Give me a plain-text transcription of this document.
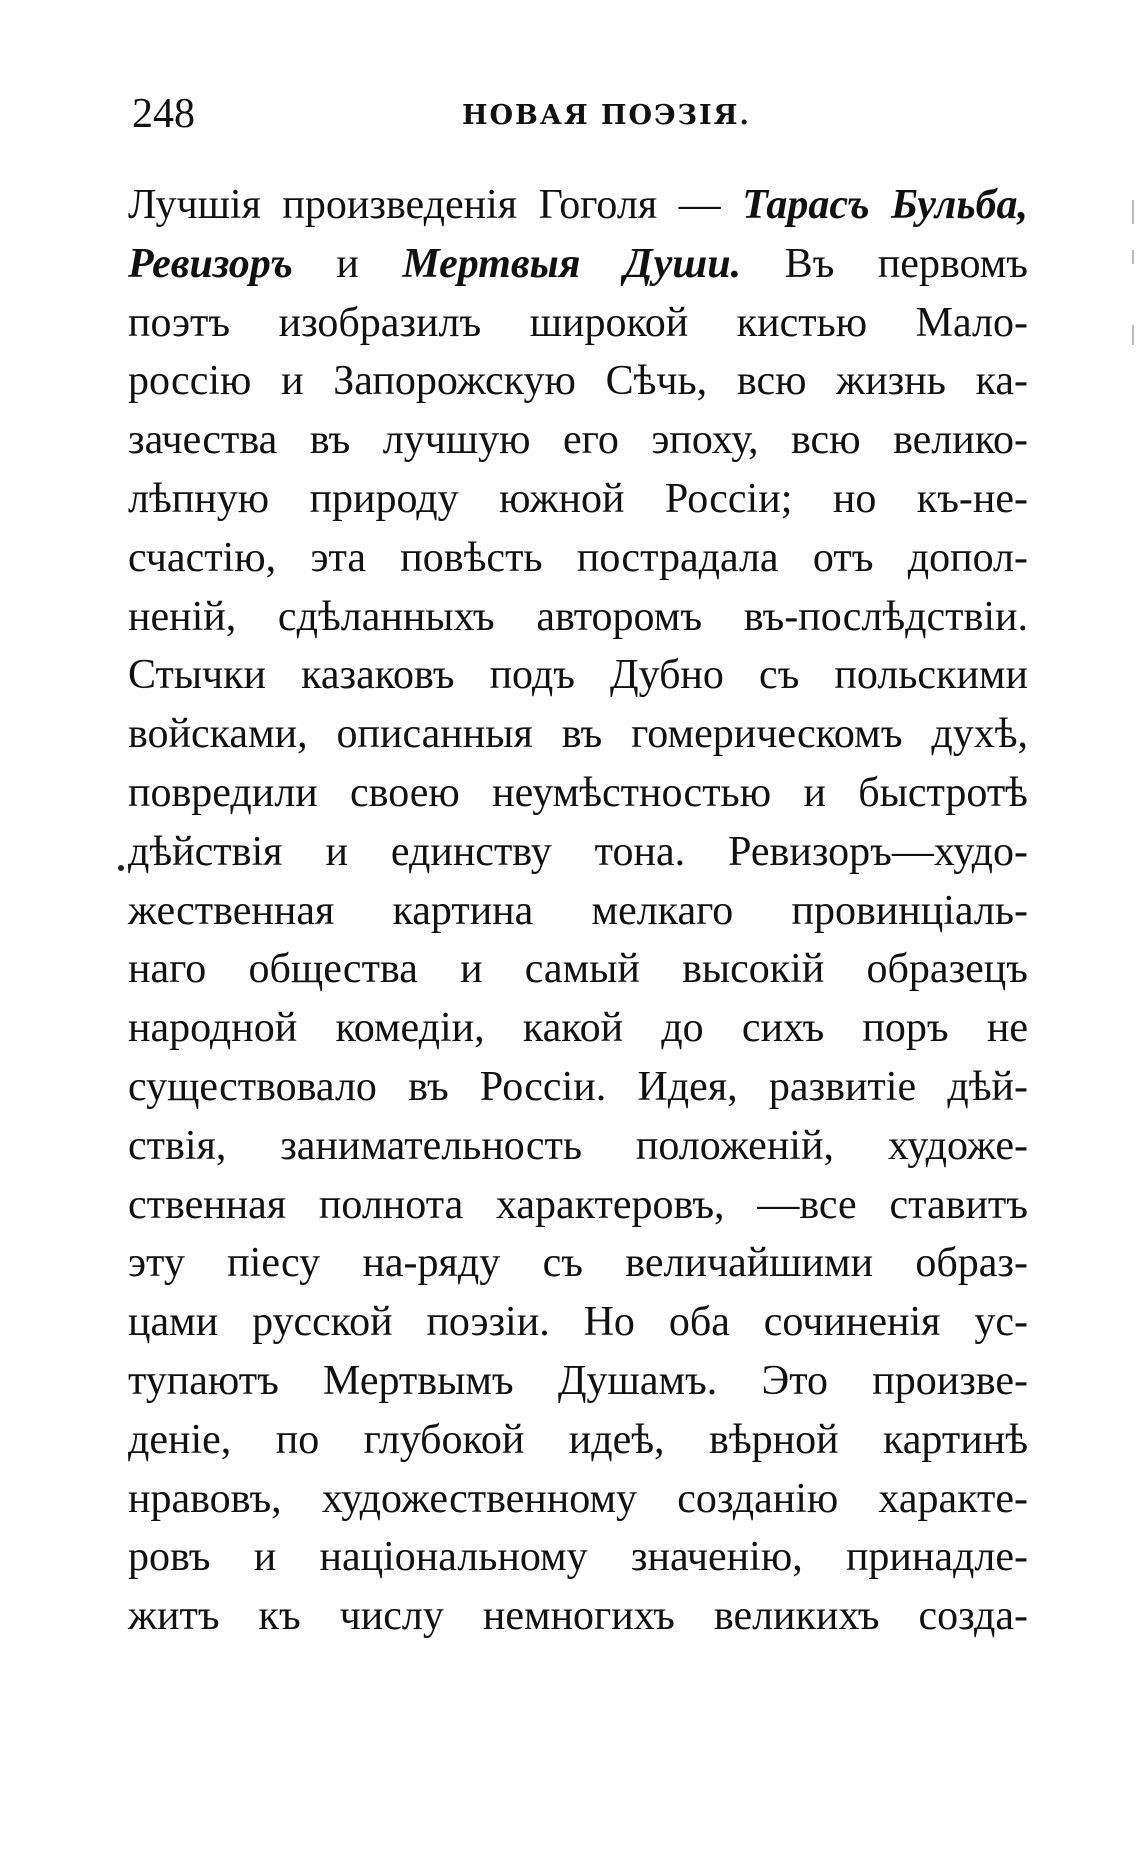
248	НОВАЯ ПОЭЗІЯ.
Лучшія произведенія Гоголя — Тарасъ Бульба,
Ревизоръ и Мертвыя Души. Въ первомъ
поэтъ изобразилъ широкой кистью Мало-
россію и Запорожскую Сѣчь, всю жизнь ка-
зачества въ лучшую его эпоху, всю велико-
лѣпную природу южной Россіи; но къ-не-
счастію, эта повѣсть пострадала отъ допол-
неній, сдѣланныхъ авторомъ въ-послѣдствіи.
Стычки казаковъ подъ Дубно съ польскими
войсками, описанныя въ гомерическомъ духѣ,
повредили своею неумѣстностью и быстротѣ
дѣйствія и единству тона. Ревизоръ—худо-
жественная картина мелкаго провинціаль-
наго общества и самый высокій образецъ
народной комедіи, какой до сихъ поръ не
существовало въ Россіи. Идея, развитіе дѣй-
ствія, занимательность положеній, художе-
ственная полнота характеровъ, —все ставитъ
эту піесу на-ряду съ величайшими образ-
цами русской поэзіи. Но оба сочиненія ус-
тупаютъ Мертвымъ Душамъ. Это произве-
деніе, по глубокой идеѣ, вѣрной картинѣ
нравовъ, художественному созданію характе-
ровъ и національному значенію, принадле-
житъ къ числу немногихъ великихъ созда-
